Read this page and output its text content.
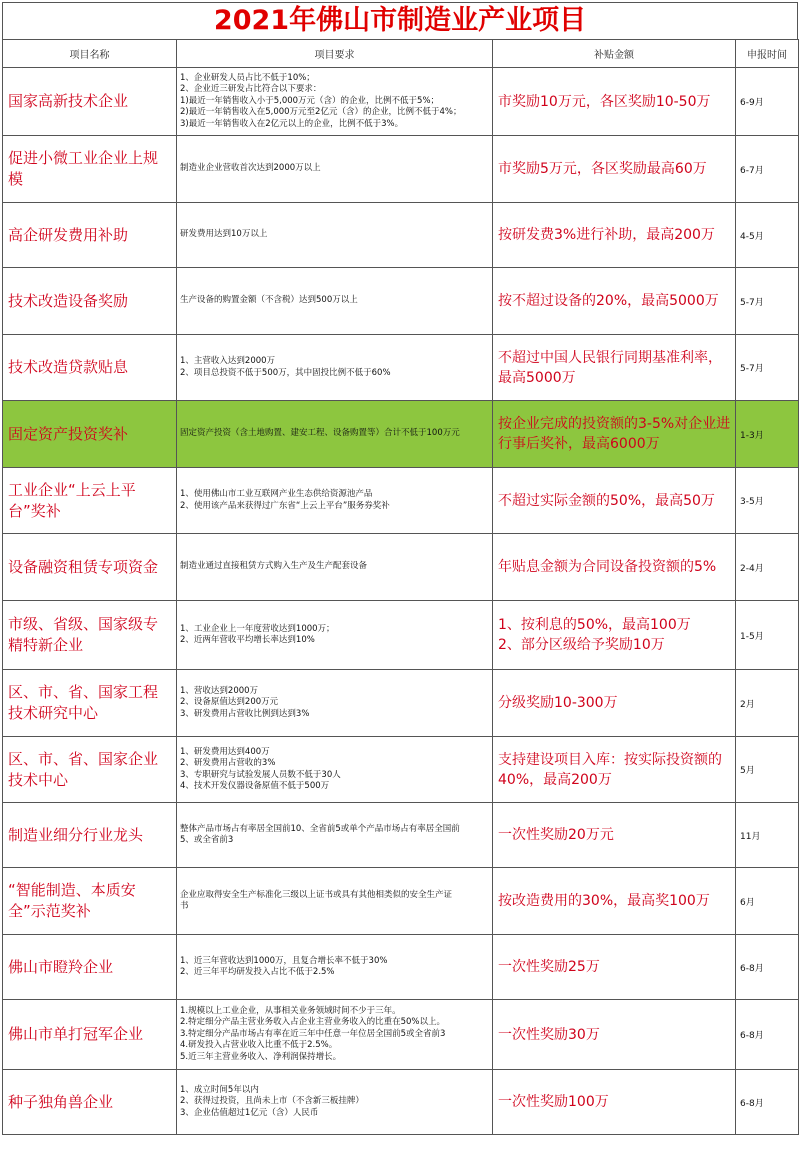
2021年佛山市制造业产业项目
项目名称	项目要求	补贴金额	申报时间
国家高新技术企业	1、企业研发人员占比不低于10%；
2、企业近三研发占比符合以下要求：
1)最近一年销售收入小于5,000万元（含）的企业，比例不低于5%；
2)最近一年销售收入在5,000万元至2亿元（含）的企业，比例不低于4%；
3)最近一年销售收入在2亿元以上的企业，比例不低于3%。	市奖励10万元，各区奖励10-50万	6-9月
促进小微工业企业上规模	制造业企业营收首次达到2000万以上	市奖励5万元，各区奖励最高60万	6-7月
高企研发费用补助	研发费用达到10万以上	按研发费3%进行补助，最高200万	4-5月
技术改造设备奖励	生产设备的购置金额（不含税）达到500万以上	按不超过设备的20%，最高5000万	5-7月
技术改造贷款贴息	1、主营收入达到2000万
2、项目总投资不低于500万，其中固投比例不低于60%	不超过中国人民银行同期基准利率，最高5000万	5-7月
固定资产投资奖补	固定资产投资（含土地购置、建安工程、设备购置等）合计不低于100万元	按企业完成的投资额的3-5%对企业进行事后奖补，最高6000万	1-3月
工业企业“上云上平台”奖补	1、使用佛山市工业互联网产业生态供给资源池产品
2、使用该产品来获得过广东省“上云上平台”服务券奖补	不超过实际金额的50%，最高50万	3-5月
设备融资租赁专项资金	制造业通过直接租赁方式购入生产及生产配套设备	年贴息金额为合同设备投资额的5%	2-4月
市级、省级、国家级专精特新企业	1、工业企业上一年度营收达到1000万；
2、近两年营收平均增长率达到10%	1、按利息的50%，最高100万
2、部分区级给予奖励10万	1-5月
区、市、省、国家工程技术研究中心	1、营收达到2000万
2、设备原值达到200万元
3、研发费用占营收比例到达到3%	分级奖励10-300万	2月
区、市、省、国家企业技术中心	1、研发费用达到400万
2、研发费用占营收的3%
3、专职研究与试验发展人员数不低于30人
4、技术开发仪器设备原值不低于500万	支持建设项目入库：按实际投资额的40%，最高200万	5月
制造业细分行业龙头	整体产品市场占有率居全国前10、全省前5或单个产品市场占有率居全国前
5、或全省前3	一次性奖励20万元	11月
“智能制造、本质安全”示范奖补	企业应取得安全生产标准化三级以上证书或具有其他相类似的安全生产证
书	按改造费用的30%，最高奖100万	6月
佛山市瞪羚企业	1、近三年营收达到1000万，且复合增长率不低于30%
2、近三年平均研发投入占比不低于2.5%	一次性奖励25万	6-8月
佛山市单打冠军企业	1.规模以上工业企业，从事相关业务领域时间不少于三年。
2.特定细分产品主营业务收入占企业主营业务收入的比重在50%以上。
3.特定细分产品市场占有率在近三年中任意一年位居全国前5或全省前3
4.研发投入占营业收入比重不低于2.5%。
5.近三年主营业务收入、净利润保持增长。	一次性奖励30万	6-8月
种子独角兽企业	1、成立时间5年以内
2、获得过投资，且尚未上市（不含新三板挂牌）
3、企业估值超过1亿元（含）人民币	一次性奖励100万	6-8月
